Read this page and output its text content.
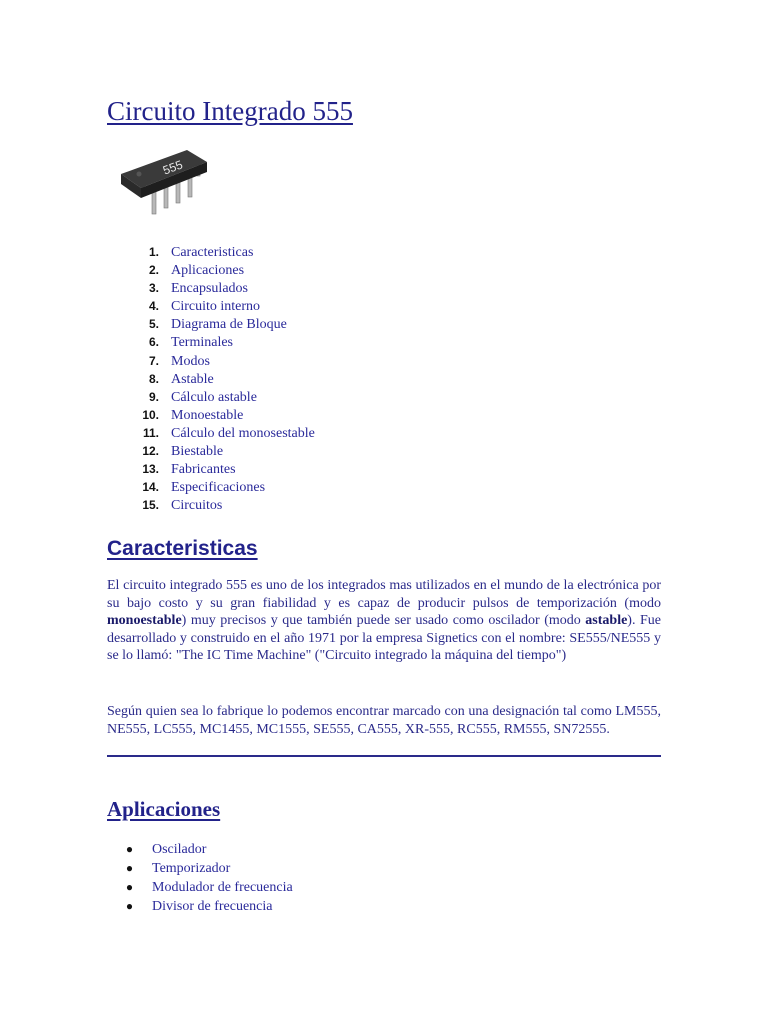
Circuito Integrado 555
555
1. Caracteristicas
2. Aplicaciones
3. Encapsulados
4. Circuito interno
5. Diagrama de Bloque
6. Terminales
7. Modos
8. Astable
9. Cálculo astable
10. Monoestable
11. Cálculo del monosestable
12. Biestable
13. Fabricantes
14. Especificaciones
15. Circuitos
Caracteristicas

El circuito integrado 555 es uno de los integrados mas utilizados en el mundo de la electrónica por su bajo costo y su gran fiabilidad y es capaz de producir pulsos de temporización (modo monoestable) muy precisos y que también puede ser usado como oscilador (modo astable). Fue desarrollado y construido en el año 1971 por la empresa Signetics con el nombre: SE555/NE555 y se lo llamó: "The IC Time Machine" ("Circuito integrado la máquina del tiempo")

Según quien sea lo fabrique lo podemos encontrar marcado con una designación tal como LM555, NE555, LC555, MC1455, MC1555, SE555, CA555, XR-555, RC555, RM555, SN72555.

Aplicaciones
● Oscilador
● Temporizador
● Modulador de frecuencia
● Divisor de frecuencia
